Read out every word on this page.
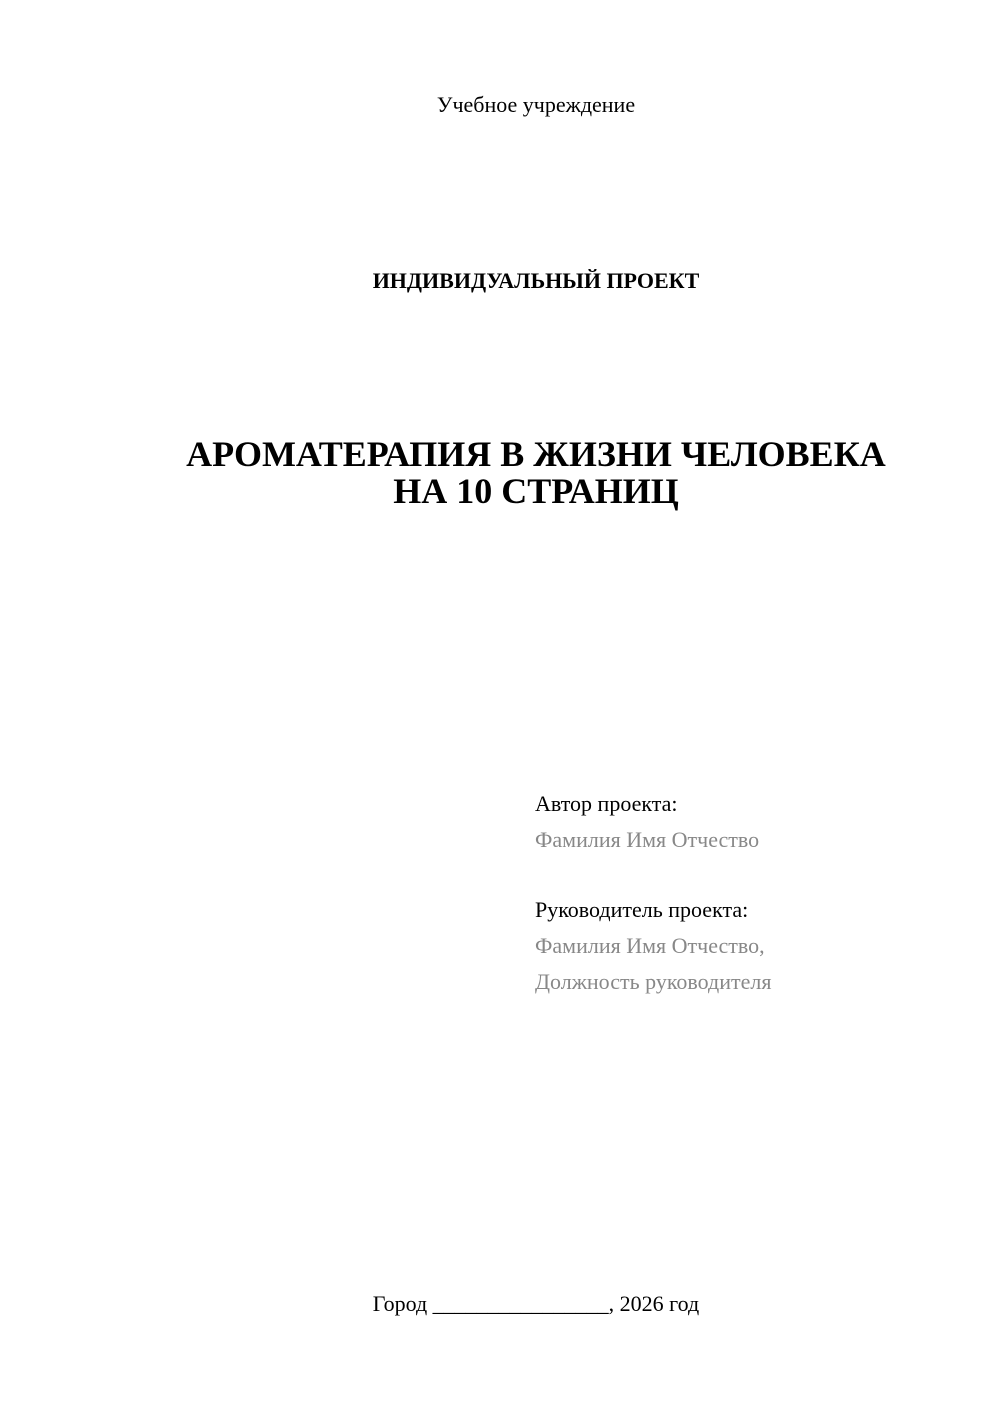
Учебное учреждение
ИНДИВИДУАЛЬНЫЙ ПРОЕКТ
АРОМАТЕРАПИЯ В ЖИЗНИ ЧЕЛОВЕКА
НА 10 СТРАНИЦ
Автор проекта:
Фамилия Имя Отчество
Руководитель проекта:
Фамилия Имя Отчество,
Должность руководителя
Город ________________, 2026 год
